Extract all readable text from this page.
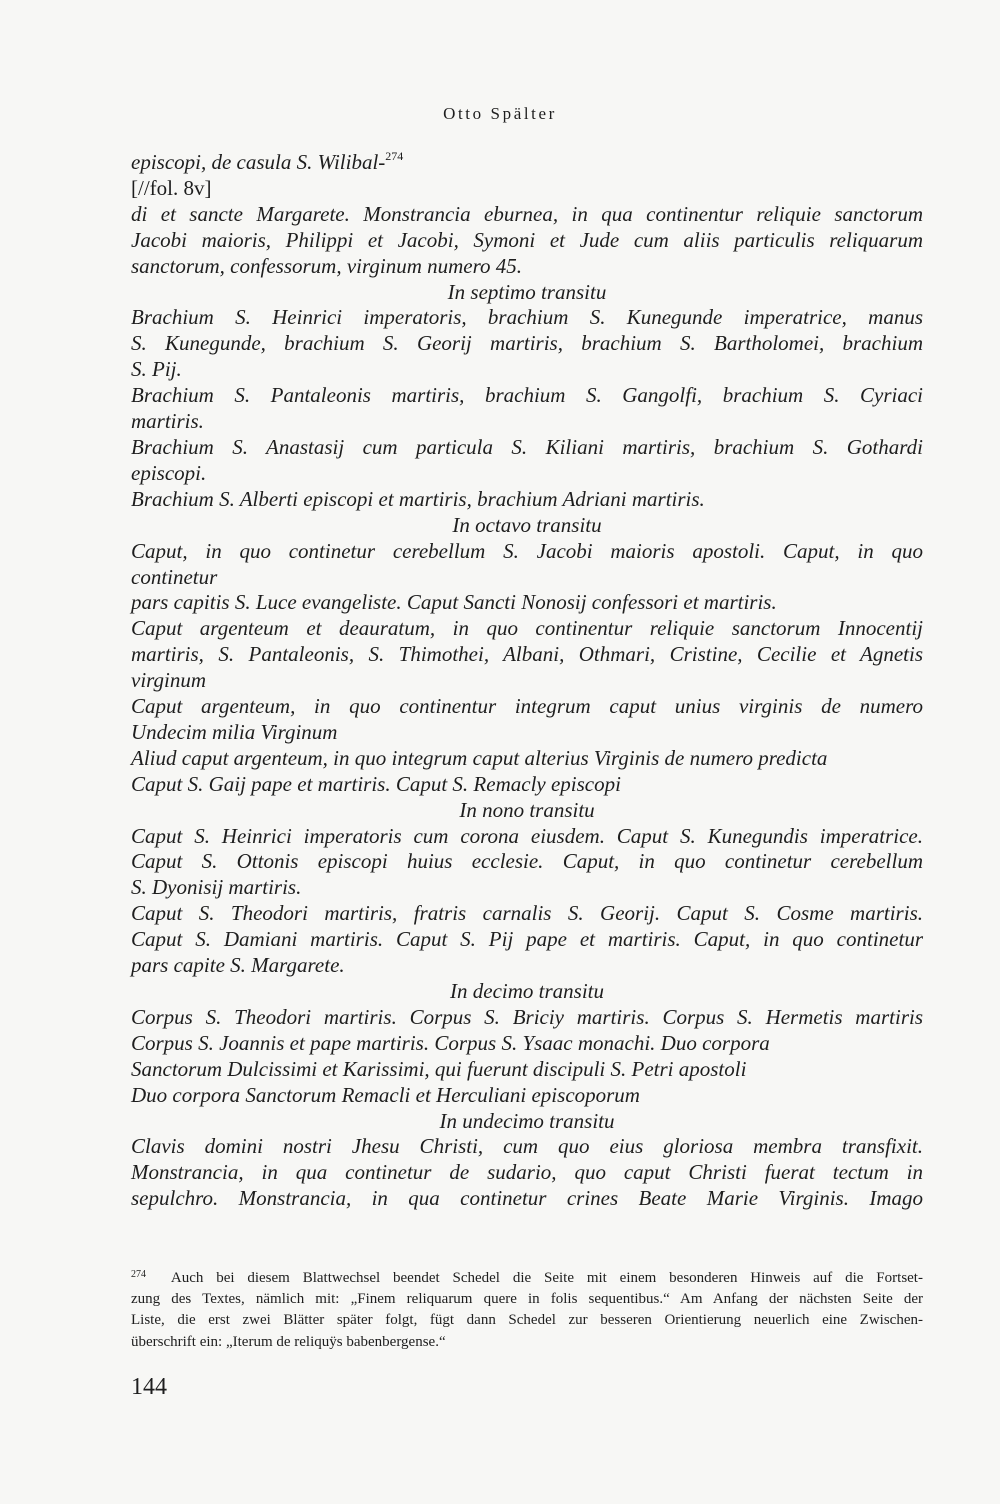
Otto Spälter
episcopi, de casula S. Wilibal-$^{274}$
[//fol. 8v]
di et sancte Margarete. Monstrancia eburnea, in qua continentur reliquie sanctorum
Jacobi maioris, Philippi et Jacobi, Symoni et Jude cum aliis particulis reliquarum
sanctorum, confessorum, virginum numero 45.
In septimo transitu
Brachium S. Heinrici imperatoris, brachium S. Kunegunde imperatrice, manus
S. Kunegunde, brachium S. Georij martiris, brachium S. Bartholomei, brachium
S. Pij.
Brachium S. Pantaleonis martiris, brachium S. Gangolfi, brachium S. Cyriaci
martiris.
Brachium S. Anastasij cum particula S. Kiliani martiris, brachium S. Gothardi
episcopi.
Brachium S. Alberti episcopi et martiris, brachium Adriani martiris.
In octavo transitu
Caput, in quo continetur cerebellum S. Jacobi maioris apostoli. Caput, in quo
continetur
pars capitis S. Luce evangeliste. Caput Sancti Nonosij confessori et martiris.
Caput argenteum et deauratum, in quo continentur reliquie sanctorum Innocentij
martiris, S. Pantaleonis, S. Thimothei, Albani, Othmari, Cristine, Cecilie et Agnetis
virginum
Caput argenteum, in quo continentur integrum caput unius virginis de numero
Undecim milia Virginum
Aliud caput argenteum, in quo integrum caput alterius Virginis de numero predicta
Caput S. Gaij pape et martiris. Caput S. Remacly episcopi
In nono transitu
Caput S. Heinrici imperatoris cum corona eiusdem. Caput S. Kunegundis imperatrice.
Caput S. Ottonis episcopi huius ecclesie. Caput, in quo continetur cerebellum
S. Dyonisij martiris.
Caput S. Theodori martiris, fratris carnalis S. Georij. Caput S. Cosme martiris.
Caput S. Damiani martiris. Caput S. Pij pape et martiris. Caput, in quo continetur
pars capite S. Margarete.
In decimo transitu
Corpus S. Theodori martiris. Corpus S. Briciy martiris. Corpus S. Hermetis martiris
Corpus S. Joannis et pape martiris. Corpus S. Ysaac monachi. Duo corpora
Sanctorum Dulcissimi et Karissimi, qui fuerunt discipuli S. Petri apostoli
Duo corpora Sanctorum Remacli et Herculiani episcoporum
In undecimo transitu
Clavis domini nostri Jhesu Christi, cum quo eius gloriosa membra transfixit.
Monstrancia, in qua continetur de sudario, quo caput Christi fuerat tectum in
sepulchro. Monstrancia, in qua continetur crines Beate Marie Virginis. Imago
$^{274}$ Auch bei diesem Blattwechsel beendet Schedel die Seite mit einem besonderen Hinweis auf die Fortset-
zung des Textes, nämlich mit: „Finem reliquarum quere in folis sequentibus.“ Am Anfang der nächsten Seite der
Liste, die erst zwei Blätter später folgt, fügt dann Schedel zur besseren Orientierung neuerlich eine Zwischen-
überschrift ein: „Iterum de reliquÿs babenbergense.“
144
